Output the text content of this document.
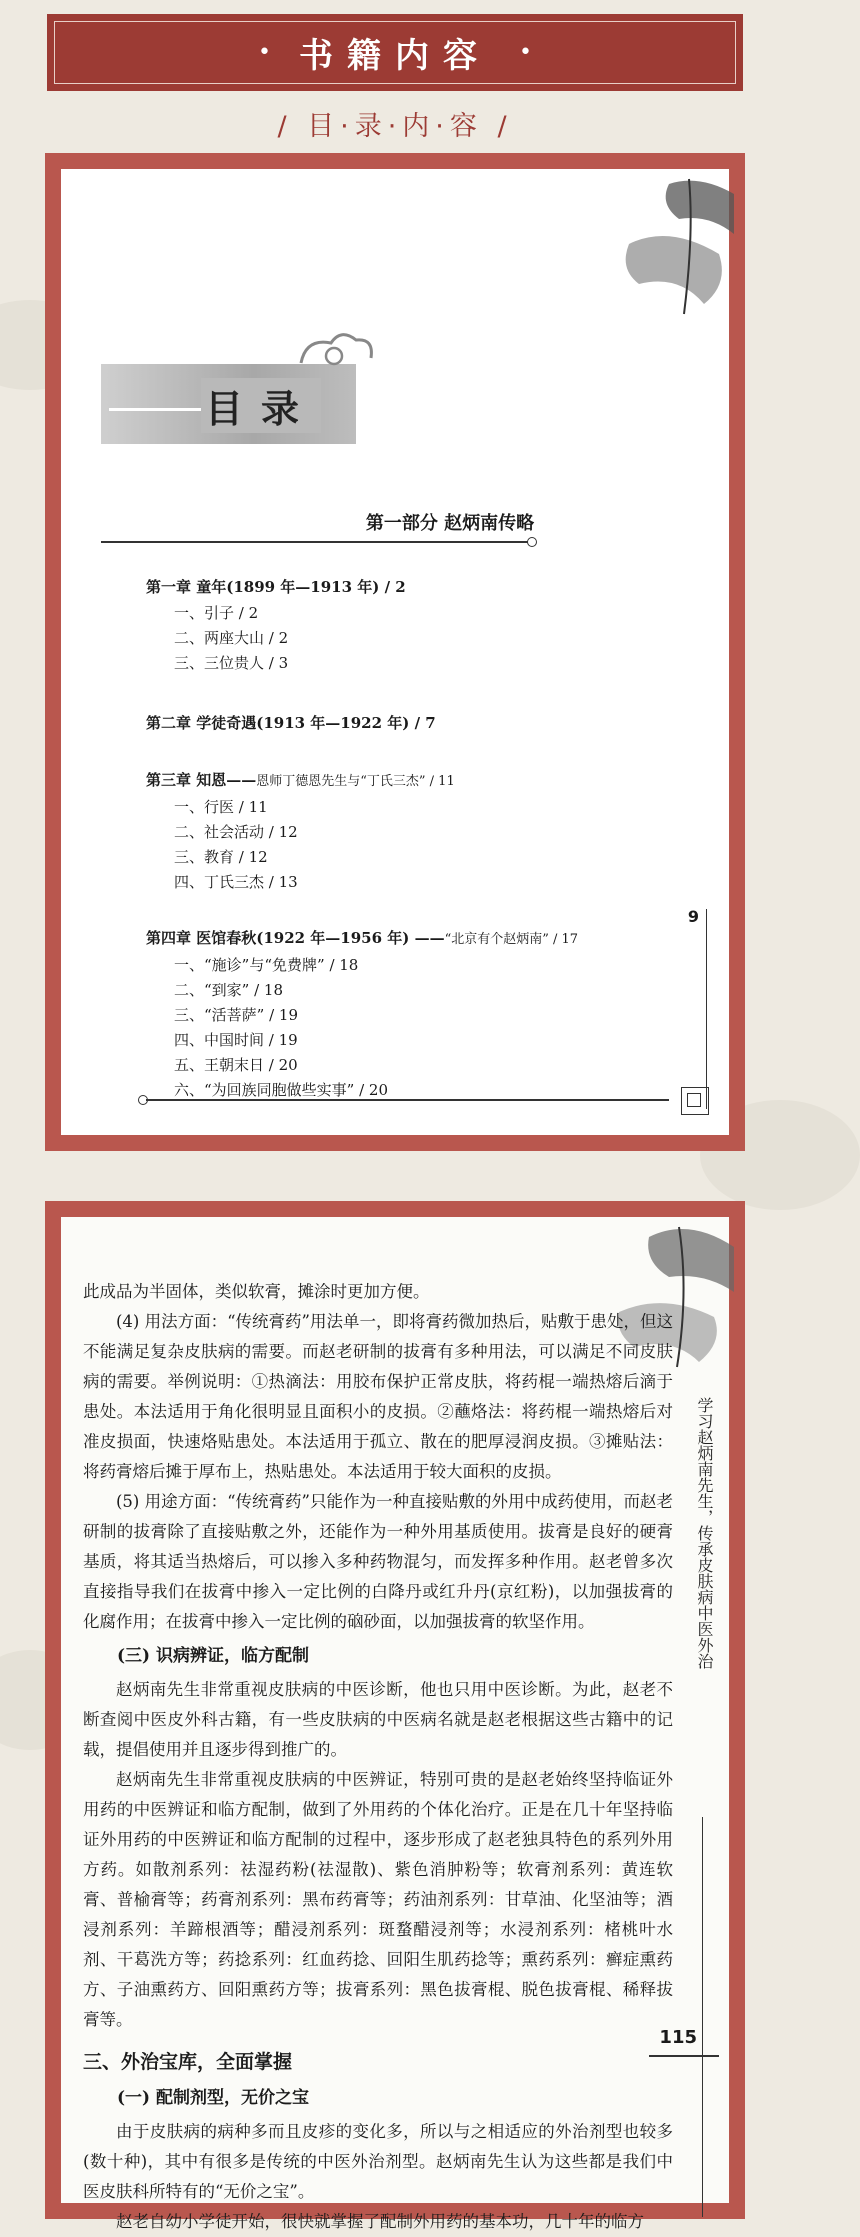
• 书籍内容 •
/ 目·录·内·容 /
目录
第一部分 赵炳南传略
第一章 童年(1899 年—1913 年) / 2
一、引子 / 2
二、两座大山 / 2
三、三位贵人 / 3
第二章 学徒奇遇(1913 年—1922 年) / 7
第三章 知恩——恩师丁德恩先生与“丁氏三杰” / 11
一、行医 / 11
二、社会活动 / 12
三、教育 / 12
四、丁氏三杰 / 13
第四章 医馆春秋(1922 年—1956 年) ——“北京有个赵炳南” / 17
一、“施诊”与“免费牌” / 18
二、“到家” / 18
三、“活菩萨” / 19
四、中国时间 / 19
五、王朝末日 / 20
六、“为回族同胞做些实事” / 20
9
学习赵炳南先生，传承皮肤病中医外治
115

此成品为半固体，类似软膏，摊涂时更加方便。

(4) 用法方面：“传统膏药”用法单一，即将膏药微加热后，贴敷于患处，但这不能满足复杂皮肤病的需要。而赵老研制的拔膏有多种用法，可以满足不同皮肤病的需要。举例说明：①热滴法：用胶布保护正常皮肤，将药棍一端热熔后滴于患处。本法适用于角化很明显且面积小的皮损。②蘸烙法：将药棍一端热熔后对准皮损面，快速烙贴患处。本法适用于孤立、散在的肥厚浸润皮损。③摊贴法：将药膏熔后摊于厚布上，热贴患处。本法适用于较大面积的皮损。

(5) 用途方面：“传统膏药”只能作为一种直接贴敷的外用中成药使用，而赵老研制的拔膏除了直接贴敷之外，还能作为一种外用基质使用。拔膏是良好的硬膏基质，将其适当热熔后，可以掺入多种药物混匀，而发挥多种作用。赵老曾多次直接指导我们在拔膏中掺入一定比例的白降丹或红升丹(京红粉)，以加强拔膏的化腐作用；在拔膏中掺入一定比例的硇砂面，以加强拔膏的软坚作用。

(三) 识病辨证，临方配制

赵炳南先生非常重视皮肤病的中医诊断，他也只用中医诊断。为此，赵老不断查阅中医皮外科古籍，有一些皮肤病的中医病名就是赵老根据这些古籍中的记载，提倡使用并且逐步得到推广的。

赵炳南先生非常重视皮肤病的中医辨证，特别可贵的是赵老始终坚持临证外用药的中医辨证和临方配制，做到了外用药的个体化治疗。正是在几十年坚持临证外用药的中医辨证和临方配制的过程中，逐步形成了赵老独具特色的系列外用方药。如散剂系列：祛湿药粉(祛湿散)、紫色消肿粉等；软膏剂系列：黄连软膏、普榆膏等；药膏剂系列：黑布药膏等；药油剂系列：甘草油、化坚油等；酒浸剂系列：羊蹄根酒等；醋浸剂系列：斑蝥醋浸剂等；水浸剂系列：楮桃叶水剂、干葛洗方等；药捻系列：红血药捻、回阳生肌药捻等；熏药系列：癣症熏药方、子油熏药方、回阳熏药方等；拔膏系列：黑色拔膏棍、脱色拔膏棍、稀释拔膏等。

三、外治宝库，全面掌握
(一) 配制剂型，无价之宝

由于皮肤病的病种多而且皮疹的变化多，所以与之相适应的外治剂型也较多(数十种)，其中有很多是传统的中医外治剂型。赵炳南先生认为这些都是我们中医皮肤科所特有的“无价之宝”。

赵老自幼小学徒开始，很快就掌握了配制外用药的基本功，几十年的临方
